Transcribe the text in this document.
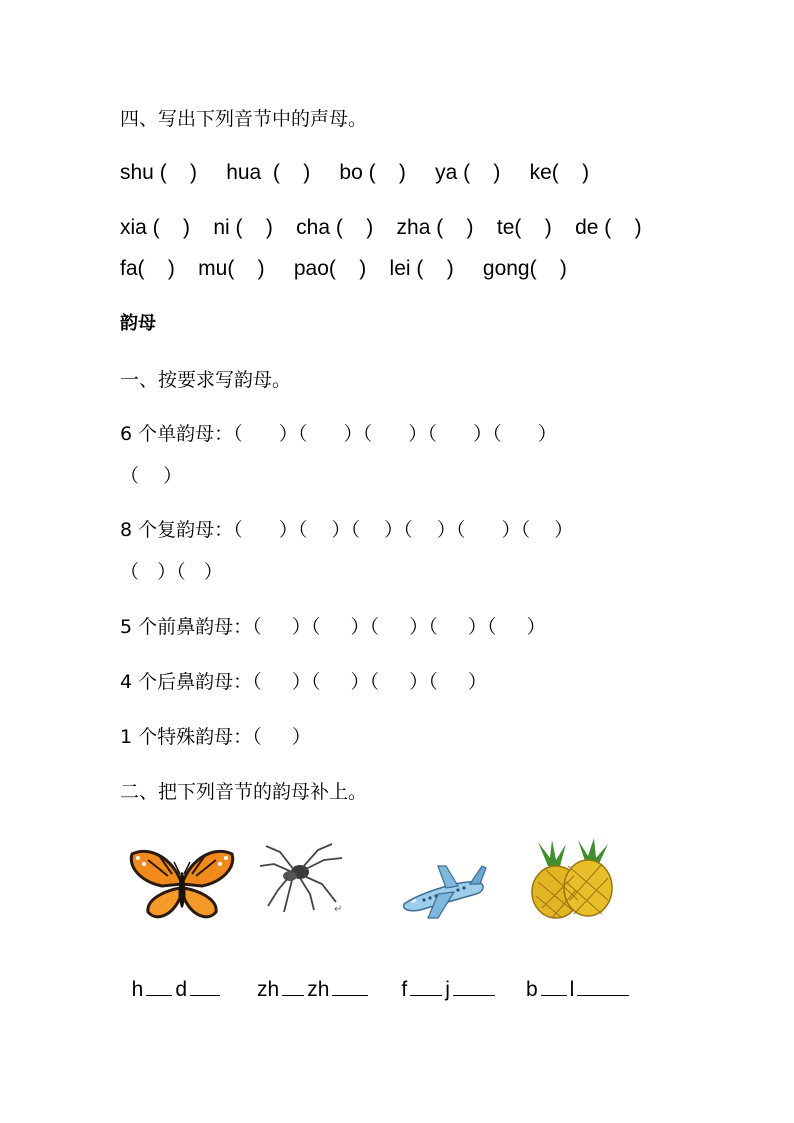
四、写出下列音节中的声母。
shu (    )     hua  (    )     bo (    )     ya (    )     ke(    )
xia (    )    ni (    )    cha (    )    zha (    )    te(    )    de (    )
fa(    )    mu(    )     pao(    )    lei (    )     gong(    )
韵母
一、按要求写韵母。
6 个单韵母：（      ）（      ）（      ）（      ）（      ）
（    ）
8 个复韵母：（      ）（    ）（    ）（    ）（      ）（    ）
（   ）（   ）
5 个前鼻韵母：（     ）（     ）（     ）（     ）（     ）
4 个后鼻韵母：（     ）（     ）（     ）（     ）
1 个特殊韵母：（     ）
二、把下列音节的韵母补上。
↵

h d	zh zh	f j	b l
